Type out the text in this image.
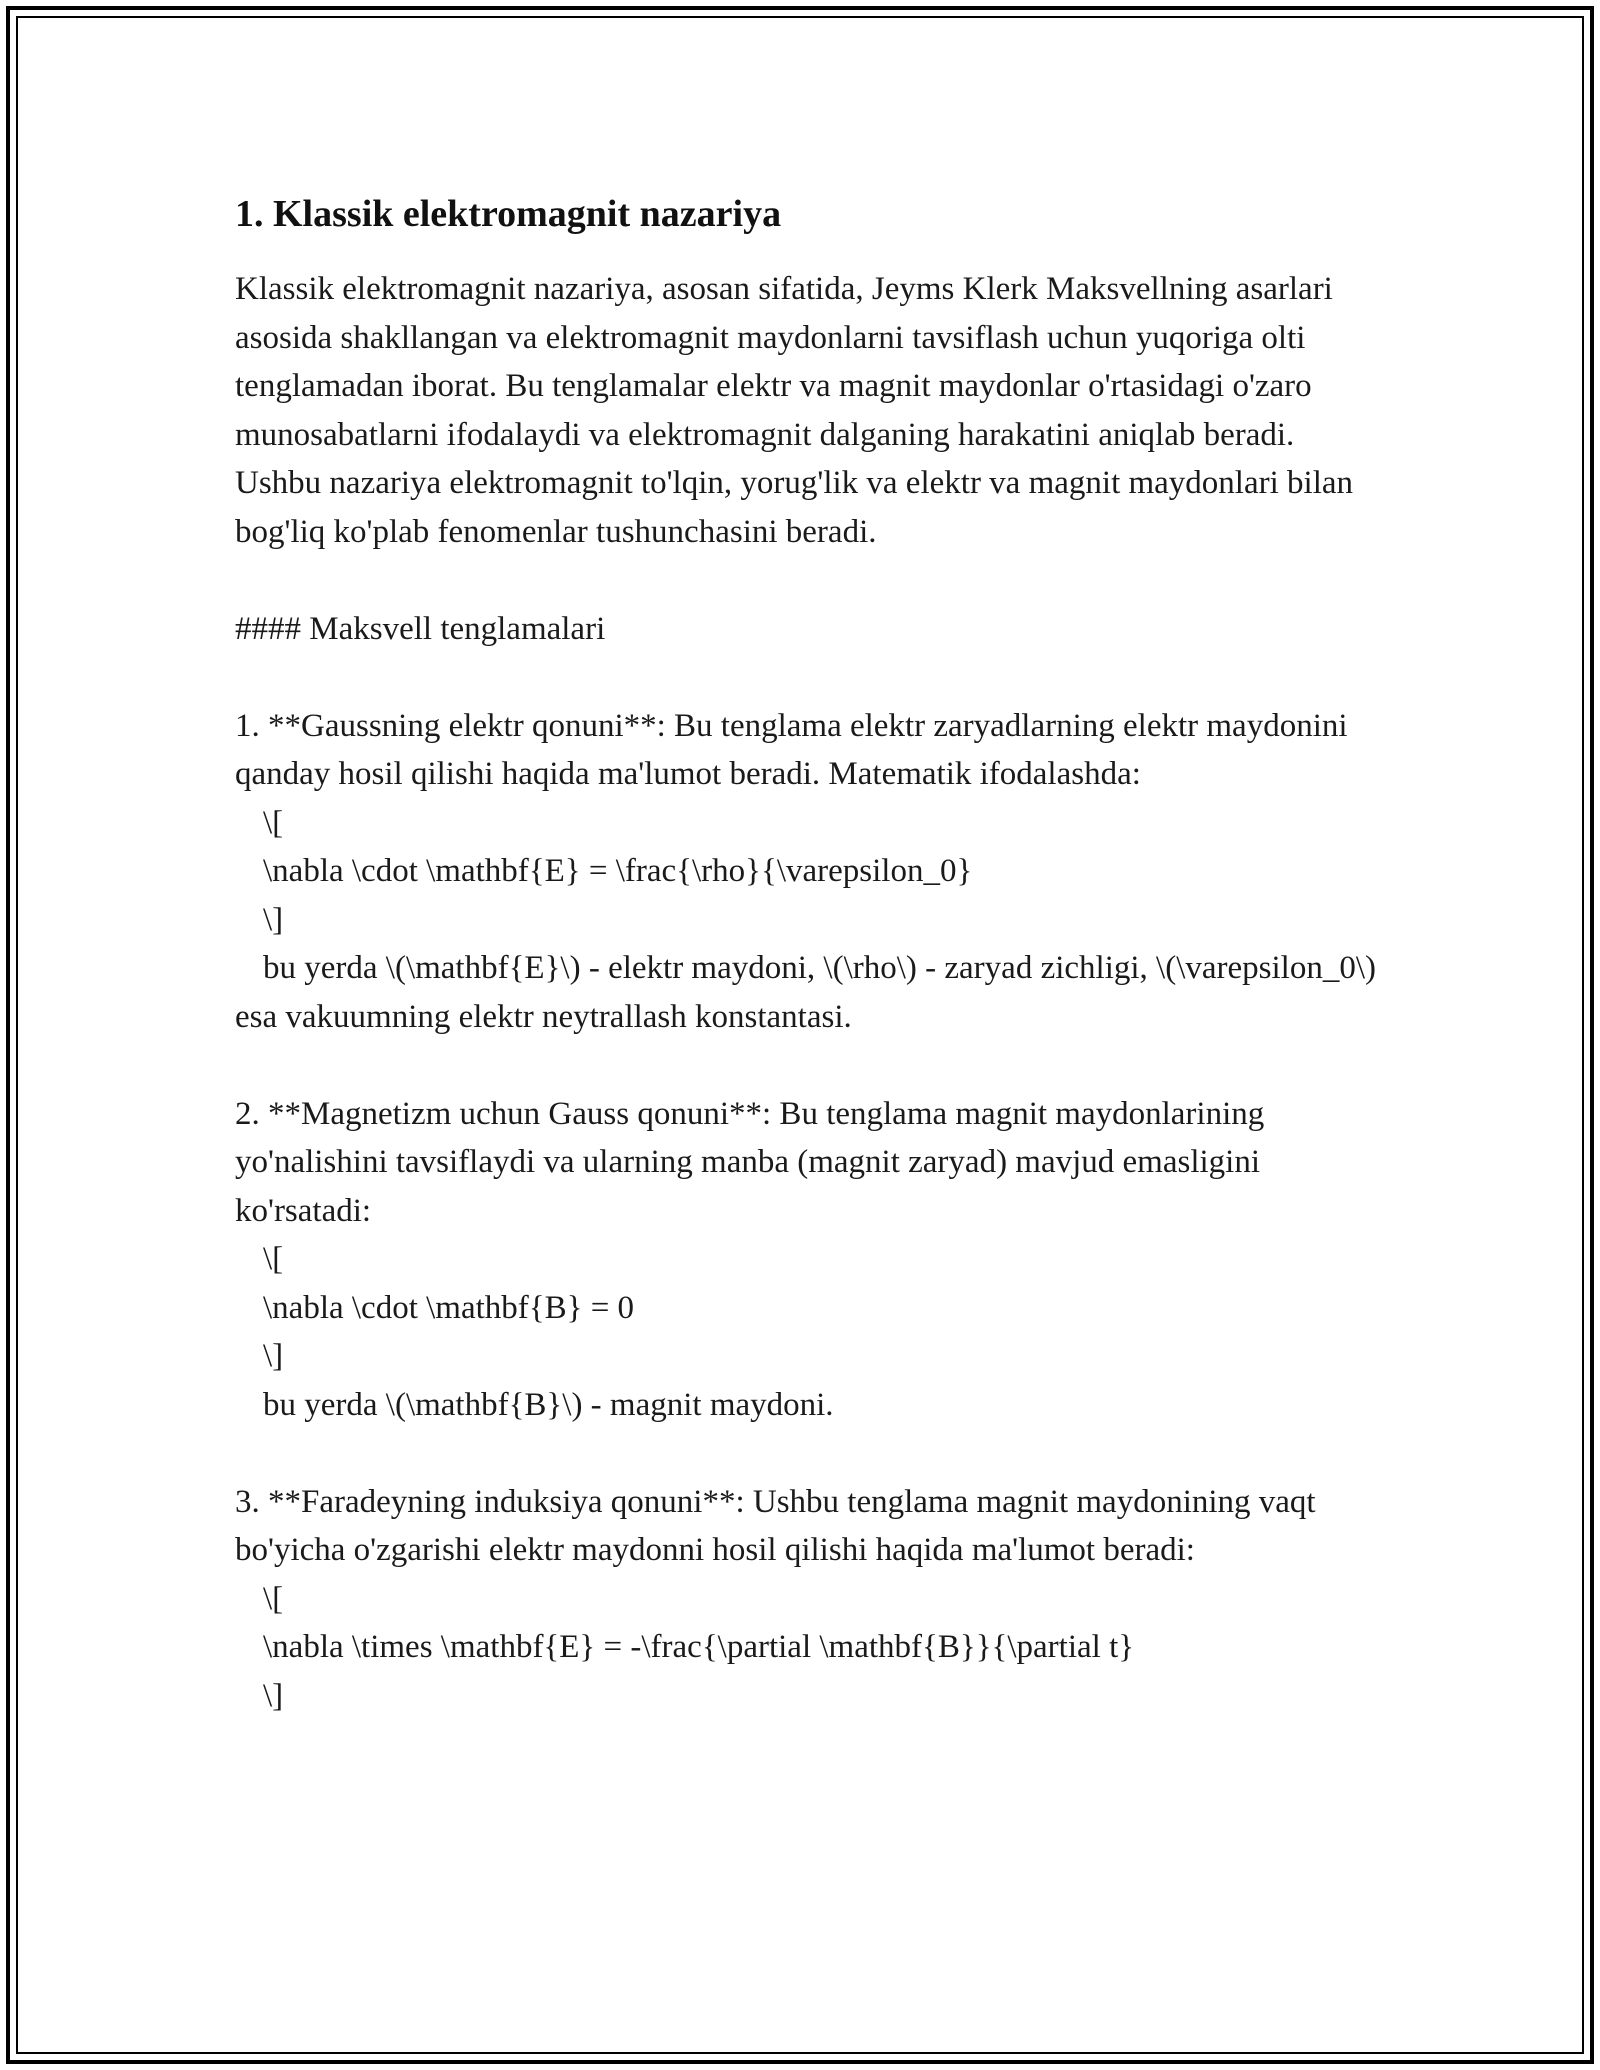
1. Klassik elektromagnit nazariya

Klassik elektromagnit nazariya, asosan sifatida, Jeyms Klerk Maksvellning asarlari asosida shakllangan va elektromagnit maydonlarni tavsiflash uchun yuqoriga olti tenglamadan iborat. Bu tenglamalar elektr va magnit maydonlar o'rtasidagi o'zaro munosabatlarni ifodalaydi va elektromagnit dalganing harakatini aniqlab beradi. Ushbu nazariya elektromagnit to'lqin, yorug'lik va elektr va magnit maydonlari bilan bog'liq ko'plab fenomenlar tushunchasini beradi.

#### Maksvell tenglamalari

1. **Gaussning elektr qonuni**: Bu tenglama elektr zaryadlarning elektr maydonini qanday hosil qilishi haqida ma'lumot beradi. Matematik ifodalashda:

\[

\nabla \cdot \mathbf{E} = \frac{\rho}{\varepsilon_0}

\]

bu yerda \(\mathbf{E}\) - elektr maydoni, \(\rho\) - zaryad zichligi, \(\varepsilon_0\) esa vakuumning elektr neytrallash konstantasi.

2. **Magnetizm uchun Gauss qonuni**: Bu tenglama magnit maydonlarining yo'nalishini tavsiflaydi va ularning manba (magnit zaryad) mavjud emasligini ko'rsatadi:

\[

\nabla \cdot \mathbf{B} = 0

\]

bu yerda \(\mathbf{B}\) - magnit maydoni.

3. **Faradeyning induksiya qonuni**: Ushbu tenglama magnit maydonining vaqt bo'yicha o'zgarishi elektr maydonni hosil qilishi haqida ma'lumot beradi:

\[

\nabla \times \mathbf{E} = -\frac{\partial \mathbf{B}}{\partial t}

\]
